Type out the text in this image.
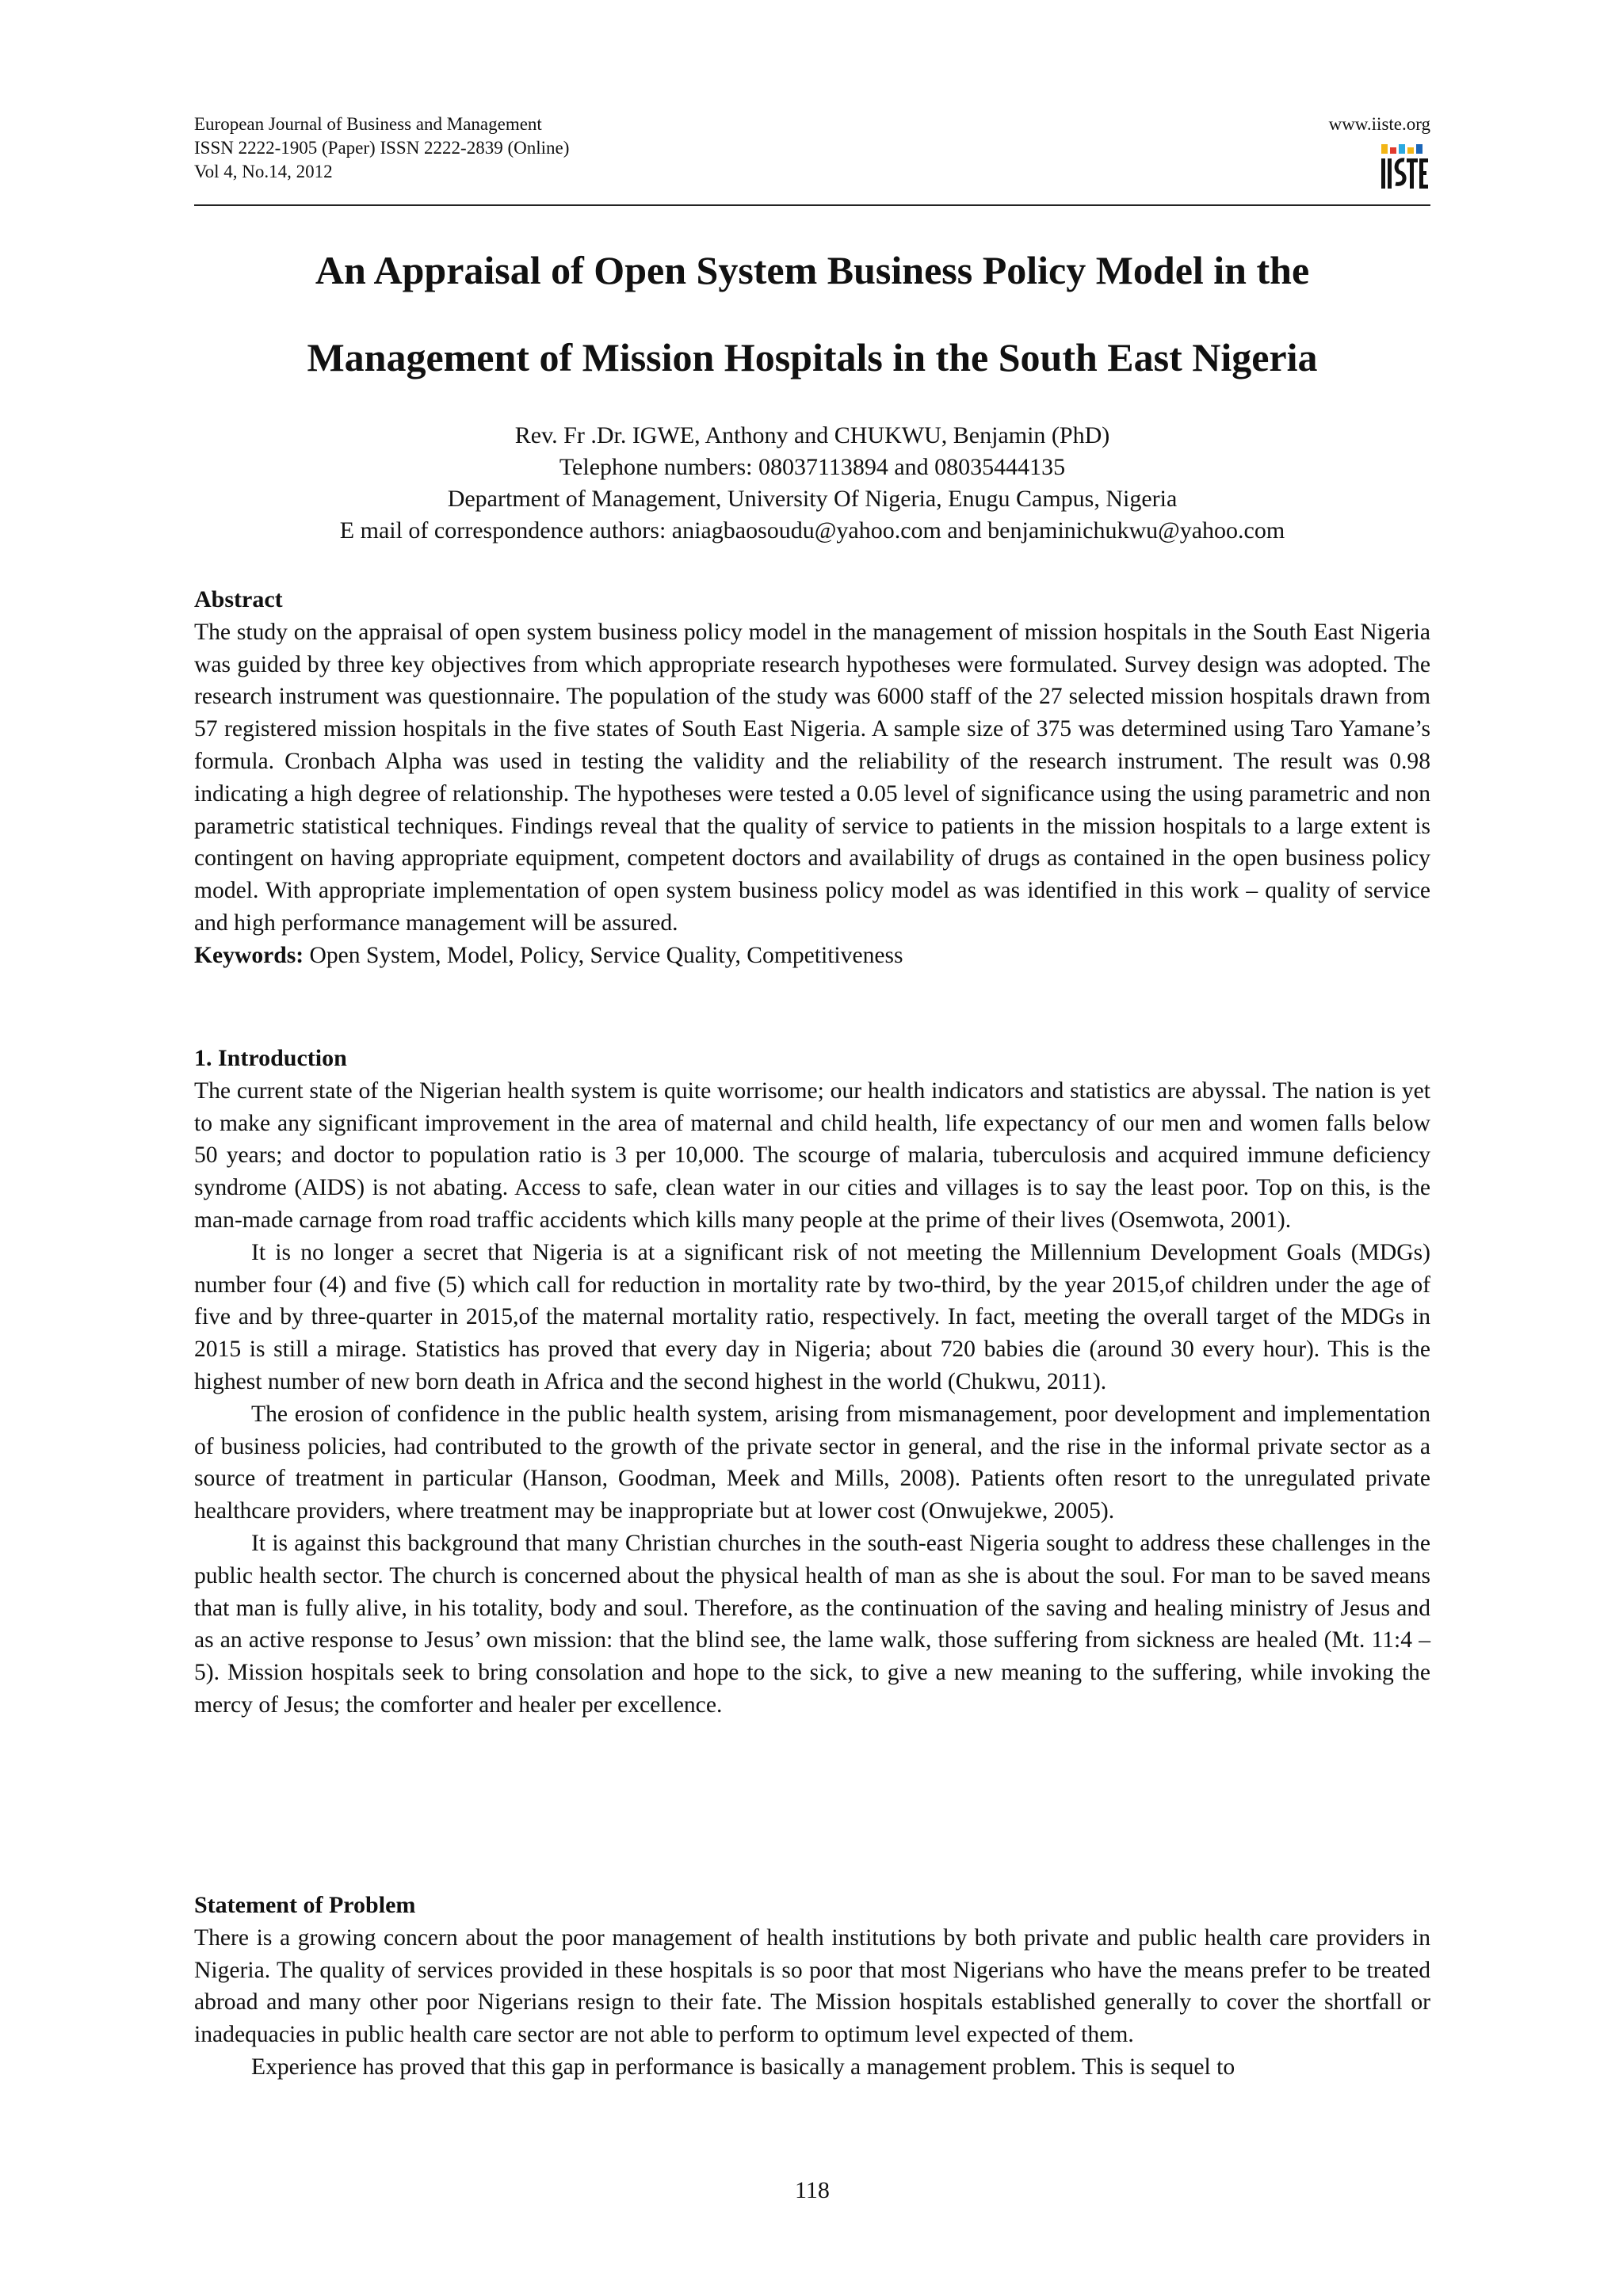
European Journal of Business and Management
ISSN 2222-1905 (Paper) ISSN 2222-2839 (Online)
Vol 4, No.14, 2012
www.iiste.org
An Appraisal of Open System Business Policy Model in the
Management of Mission Hospitals in the South East Nigeria
Rev. Fr .Dr. IGWE, Anthony and CHUKWU, Benjamin (PhD)
Telephone numbers: 08037113894 and 08035444135
Department of Management, University Of Nigeria, Enugu Campus, Nigeria
E mail of correspondence authors: aniagbaosoudu@yahoo.com and benjaminichukwu@yahoo.com

Abstract

The study on the appraisal of open system business policy model in the management of mission hospitals in the South East Nigeria was guided by three key objectives from which appropriate research hypotheses were formulated. Survey design was adopted. The research instrument was questionnaire. The population of the study was 6000 staff of the 27 selected mission hospitals drawn from 57 registered mission hospitals in the five states of South East Nigeria. A sample size of 375 was determined using Taro Yamane’s formula. Cronbach Alpha was used in testing the validity and the reliability of the research instrument. The result was 0.98 indicating a high degree of relationship. The hypotheses were tested a 0.05 level of significance using the using parametric and non parametric statistical techniques. Findings reveal that the quality of service to patients in the mission hospitals to a large extent is contingent on having appropriate equipment, competent doctors and availability of drugs as contained in the open business policy model. With appropriate implementation of open system business policy model as was identified in this work – quality of service and high performance management will be assured.

Keywords: Open System, Model, Policy, Service Quality, Competitiveness

1. Introduction

The current state of the Nigerian health system is quite worrisome; our health indicators and statistics are abyssal. The nation is yet to make any significant improvement in the area of maternal and child health, life expectancy of our men and women falls below 50 years; and doctor to population ratio is 3 per 10,000. The scourge of malaria, tuberculosis and acquired immune deficiency syndrome (AIDS) is not abating. Access to safe, clean water in our cities and villages is to say the least poor. Top on this, is the man-made carnage from road traffic accidents which kills many people at the prime of their lives (Osemwota, 2001).

It is no longer a secret that Nigeria is at a significant risk of not meeting the Millennium Development Goals (MDGs) number four (4) and five (5) which call for reduction in mortality rate by two-third, by the year 2015,of children under the age of five and by three-quarter in 2015,of the maternal mortality ratio, respectively. In fact, meeting the overall target of the MDGs in 2015 is still a mirage. Statistics has proved that every day in Nigeria; about 720 babies die (around 30 every hour). This is the highest number of new born death in Africa and the second highest in the world (Chukwu, 2011).

The erosion of confidence in the public health system, arising from mismanagement, poor development and implementation of business policies, had contributed to the growth of the private sector in general, and the rise in the informal private sector as a source of treatment in particular (Hanson, Goodman, Meek and Mills, 2008). Patients often resort to the unregulated private healthcare providers, where treatment may be inappropriate but at lower cost (Onwujekwe, 2005).

It is against this background that many Christian churches in the south-east Nigeria sought to address these challenges in the public health sector. The church is concerned about the physical health of man as she is about the soul. For man to be saved means that man is fully alive, in his totality, body and soul. Therefore, as the continuation of the saving and healing ministry of Jesus and as an active response to Jesus’ own mission: that the blind see, the lame walk, those suffering from sickness are healed (Mt. 11:4 – 5). Mission hospitals seek to bring consolation and hope to the sick, to give a new meaning to the suffering, while invoking the mercy of Jesus; the comforter and healer per excellence.

Statement of Problem

There is a growing concern about the poor management of health institutions by both private and public health care providers in Nigeria. The quality of services provided in these hospitals is so poor that most Nigerians who have the means prefer to be treated abroad and many other poor Nigerians resign to their fate. The Mission hospitals established generally to cover the shortfall or inadequacies in public health care sector are not able to perform to optimum level expected of them.

Experience has proved that this gap in performance is basically a management problem. This is sequel to

118
